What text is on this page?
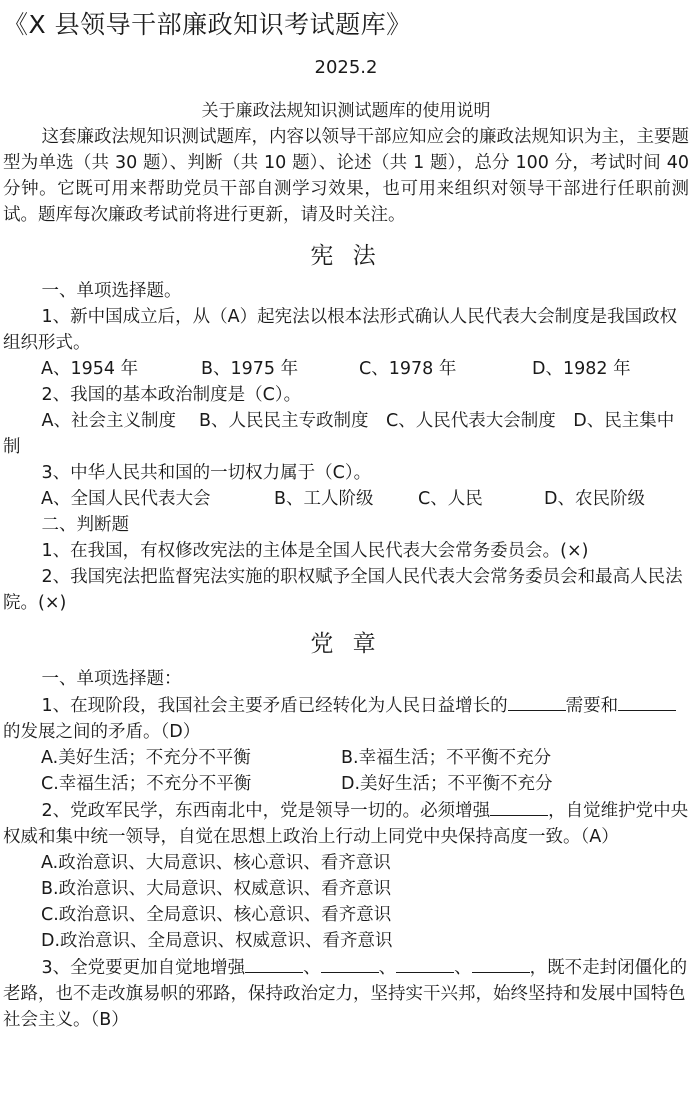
《X 县领导干部廉政知识考试题库》
2025.2
关于廉政法规知识测试题库的使用说明

这套廉政法规知识测试题库，内容以领导干部应知应会的廉政法规知识为主，主要题型为单选（共 30 题）、判断（共 10 题）、论述（共 1 题），总分 100 分，考试时间 40 分钟。它既可用来帮助党员干部自测学习效果，也可用来组织对领导干部进行任职前测试。题库每次廉政考试前将进行更新，请及时关注。

宪 法

一、单项选择题。

1、新中国成立后，从（A）起宪法以根本法形式确认人民代表大会制度是我国政权组织形式。

A、1954 年	B、1975 年	C、1978 年	D、1982 年

2、我国的基本政治制度是（C）。

A、社会主义制度　 B、人民民主专政制度　C、人民代表大会制度　D、民主集中制

3、中华人民共和国的一切权力属于（C）。

A、全国人民代表大会	B、工人阶级	C、人民	D、农民阶级

二、判断题

1、在我国，有权修改宪法的主体是全国人民代表大会常务委员会。(×)

2、我国宪法把监督宪法实施的职权赋予全国人民代表大会常务委员会和最高人民法院。(×)

党 章

一、单项选择题：

1、在现阶段，我国社会主要矛盾已经转化为人民日益增长的	需要和的发展之间的矛盾。（D）

A.美好生活；不充分不平衡	B.幸福生活；不平衡不充分
C.幸福生活；不充分不平衡	D.美好生活；不平衡不充分

2、党政军民学，东西南北中，党是领导一切的。必须增强	，自觉维护党中央权威和集中统一领导，自觉在思想上政治上行动上同党中央保持高度一致。（A）

A.政治意识、大局意识、核心意识、看齐意识
B.政治意识、大局意识、权威意识、看齐意识
C.政治意识、全局意识、核心意识、看齐意识
D.政治意识、全局意识、权威意识、看齐意识

3、全党要更加自觉地增强	、	、	、	，既不走封闭僵化的老路，也不走改旗易帜的邪路，保持政治定力，坚持实干兴邦，始终坚持和发展中国特色社会主义。（B）
